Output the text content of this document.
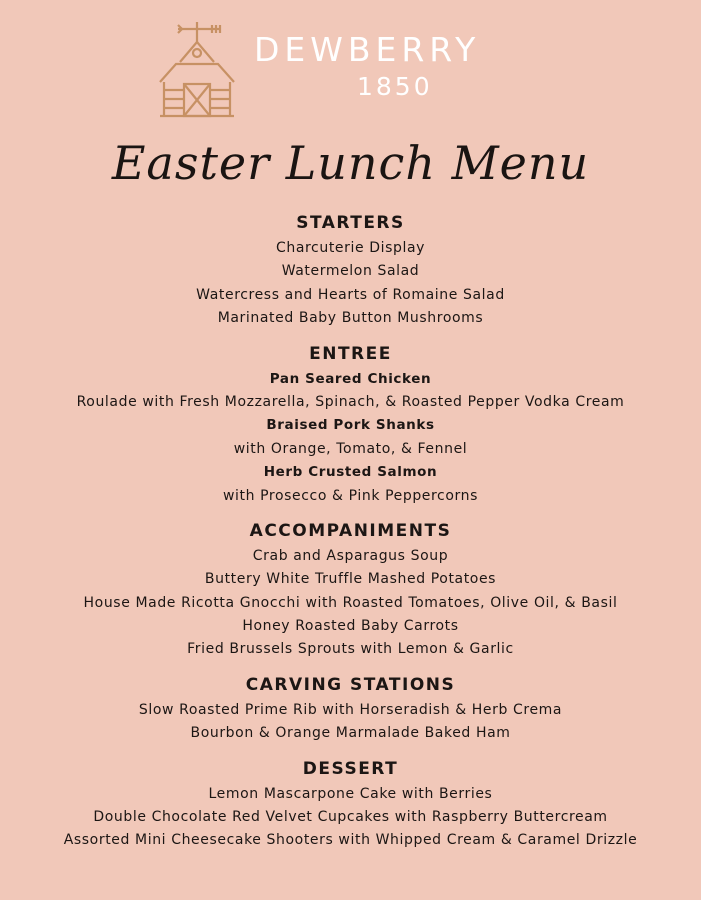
DEWBERRY
1850
Easter Lunch Menu
STARTERS
Charcuterie Display
Watermelon Salad
Watercress and Hearts of Romaine Salad
Marinated Baby Button Mushrooms
ENTREE
Pan Seared Chicken
Roulade with Fresh Mozzarella, Spinach, & Roasted Pepper Vodka Cream
Braised Pork Shanks
with Orange, Tomato, & Fennel
Herb Crusted Salmon
with Prosecco & Pink Peppercorns
ACCOMPANIMENTS
Crab and Asparagus Soup
Buttery White Truffle Mashed Potatoes
House Made Ricotta Gnocchi with Roasted Tomatoes, Olive Oil, & Basil
Honey Roasted Baby Carrots
Fried Brussels Sprouts with Lemon & Garlic
CARVING STATIONS
Slow Roasted Prime Rib with Horseradish & Herb Crema
Bourbon & Orange Marmalade Baked Ham
DESSERT
Lemon Mascarpone Cake with Berries
Double Chocolate Red Velvet Cupcakes with Raspberry Buttercream
Assorted Mini Cheesecake Shooters with Whipped Cream & Caramel Drizzle
